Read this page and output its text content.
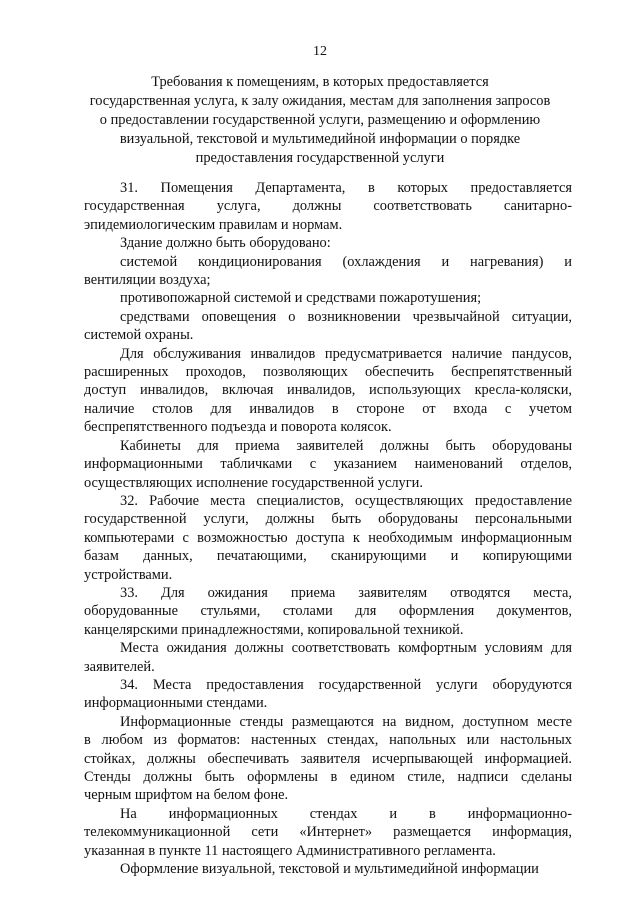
12
Требования к помещениям, в которых предоставляется
государственная услуга, к залу ожидания, местам для заполнения запросов
о предоставлении государственной услуги, размещению и оформлению
визуальной, текстовой и мультимедийной информации о порядке
предоставления государственной услуги
31. Помещения Департамента, в которых предоставляется
государственная услуга, должны соответствовать санитарно-
эпидемиологическим правилам и нормам.
Здание должно быть оборудовано:
системой кондиционирования (охлаждения и нагревания) и
вентиляции воздуха;
противопожарной системой и средствами пожаротушения;
средствами оповещения о возникновении чрезвычайной ситуации,
системой охраны.
Для обслуживания инвалидов предусматривается наличие пандусов,
расширенных проходов, позволяющих обеспечить беспрепятственный
доступ инвалидов, включая инвалидов, использующих кресла-коляски,
наличие столов для инвалидов в стороне от входа с учетом
беспрепятственного подъезда и поворота колясок.
Кабинеты для приема заявителей должны быть оборудованы
информационными табличками с указанием наименований отделов,
осуществляющих исполнение государственной услуги.
32. Рабочие места специалистов, осуществляющих предоставление
государственной услуги, должны быть оборудованы персональными
компьютерами с возможностью доступа к необходимым информационным
базам данных, печатающими, сканирующими и копирующими
устройствами.
33. Для ожидания приема заявителям отводятся места,
оборудованные стульями, столами для оформления документов,
канцелярскими принадлежностями, копировальной техникой.
Места ожидания должны соответствовать комфортным условиям для
заявителей.
34. Места предоставления государственной услуги оборудуются
информационными стендами.
Информационные стенды размещаются на видном, доступном месте
в любом из форматов: настенных стендах, напольных или настольных
стойках, должны обеспечивать заявителя исчерпывающей информацией.
Стенды должны быть оформлены в едином стиле, надписи сделаны
черным шрифтом на белом фоне.
На информационных стендах и в информационно-
телекоммуникационной сети «Интернет» размещается информация,
указанная в пункте 11 настоящего Административного регламента.
Оформление визуальной, текстовой и мультимедийной информации
